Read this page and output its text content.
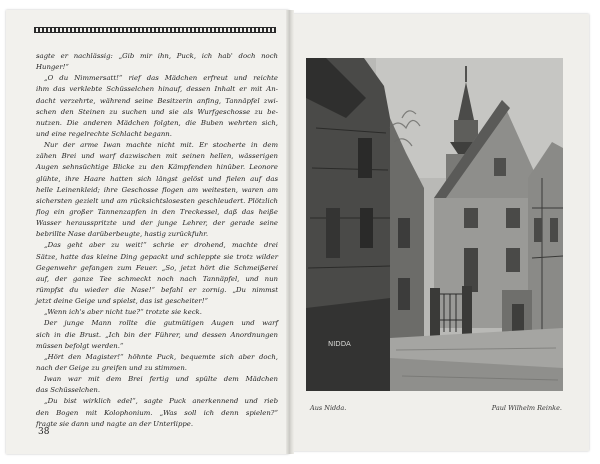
sagte er nachlässig: „Gib mir ihn, Puck, ich hab' doch noch
Hunger!“
„O du Nimmersatt!“ rief das Mädchen erfreut und reichte
ihm das verklebte Schüsselchen hinauf, dessen Inhalt er mit An-
dacht verzehrte, während seine Besitzerin anfing, Tannäpfel zwi-
schen den Steinen zu suchen und sie als Wurfgeschosse zu be-
nutzen. Die anderen Mädchen folgten, die Buben wehrten sich,
und eine regelrechte Schlacht begann.
Nur der arme Iwan machte nicht mit. Er stocherte in dem
zähen Brei und warf dazwischen mit seinen hellen, wässerigen
Augen sehnsüchtige Blicke zu den Kämpfenden hinüber. Leonore
glühte, ihre Haare hatten sich längst gelöst und fielen auf das
helle Leinenkleid; ihre Geschosse flogen am weitesten, waren am
sichersten gezielt und am rücksichtslosesten geschleudert. Plötzlich
flog ein großer Tannenzapfen in den Treckessel, daß das heiße
Wasser herausspritzte und der junge Lehrer, der gerade seine
bebrillte Nase darüberbeugte, hastig zurückfuhr.
„Das geht aber zu weit!“ schrie er drohend, machte drei
Sätze, hatte das kleine Ding gepackt und schleppte sie trotz wilder
Gegenwehr gefangen zum Feuer. „So, jetzt hört die Schmeißerei
auf, der ganze Tee schmeckt noch nach Tannäpfel, und nun
rümpfst du wieder die Nase!“ befahl er zornig. „Du nimmst
jetzt deine Geige und spielst, das ist gescheiter!“
„Wenn ich's aber nicht tue?“ trotzte sie keck.
Der junge Mann rollte die gutmütigen Augen und warf
sich in die Brust. „Ich bin der Führer, und dessen Anordnungen
müssen befolgt werden.“
„Hört den Magister!“ höhnte Puck, bequemte sich aber doch,
nach der Geige zu greifen und zu stimmen.
Iwan war mit dem Brei fertig und spülte dem Mädchen
das Schüsselchen.
„Du bist wirklich edel“, sagte Puck anerkennend und rieb
den Bogen mit Kolophonium. „Was soll ich denn spielen?“
fragte sie dann und nagte an der Unterlippe.
38
NIDDA
Aus Nidda.	Paul Wilhelm Reinke.
